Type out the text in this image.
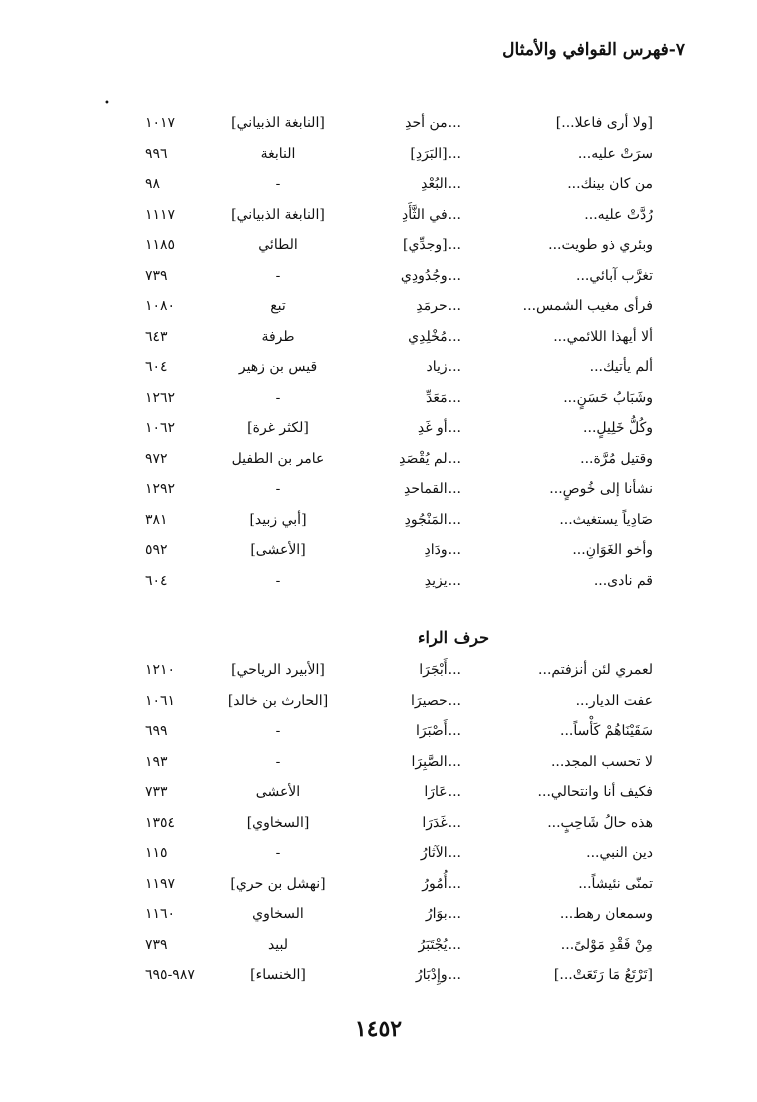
٧-فهرس القوافي والأمثال
•
[ولا أرى فاعلا...]
...من أحدِ
[النابغة الذبياني]
١٠١٧
سرَتْ عليه...
...[البَرَدِ]
النابغة
٩٩٦
من كان بينك...
...البُعْدِ
-
٩٨
رُدَّتْ عليه...
...في الثَّأَدِ
[النابغة الذبياني]
١١١٧
وبئري ذو طويت...
...[وجدِّي]
الطائي
١١٨٥
تغرَّب آبائي...
...وجُدُودِي
-
٧٣٩
فرأى مغيب الشمس...
...حرمَدِ
تبع
١٠٨٠
ألا أيهذا اللائمي...
...مُخْلِدِي
طرفة
٦٤٣
ألم يأتيك...
...زياد
قيس بن زهير
٦٠٤
وشَبَابُ حَسَنٍ...
...مَعَدِّ
-
١٢٦٢
وكُلُّ خَلِيلٍ...
...أو غَدِ
[لكثر غرة]
١٠٦٢
وقتيل مُرَّة...
...لم يُقْصَدِ
عامر بن الطفيل
٩٧٢
نشأنا إلى خُوصٍ...
...القماحدِ
-
١٢٩٢
صَادِياً يستغيث...
...المَنْجُودِ
[أبي زبيد]
٣٨١
وأخو الغَوَانِ...
...ودَادِ
[الأعشى]
٥٩٢
قم نادى...
...يزيدِ
-
٦٠٤
حرف الراء
لعمري لئن أنزفتم...
...أَبْجَرَا
[الأبيرد الرياحي]
١٢١٠
عفت الديار...
...حصيرَا
[الحارث بن خالد]
١٠٦١
سَقَيْنَاهُمْ كَأْساً...
...أَصْبَرَا
-
٦٩٩
لا تحسب المجد...
...الصَّبِرَا
-
١٩٣
فكيف أنا وانتحالي...
...عَارَا
الأعشى
٧٣٣
هذه حالُ شَاحِبٍ...
...غَدَرَا
[السخاوي]
١٣٥٤
دين النبي...
...الآثارُ
-
١١٥
تمنّى نئيشاً...
...أُمُورُ
[نهشل بن حري]
١١٩٧
وسمعان رهط...
...بوَارُ
السخاوي
١١٦٠
مِنْ فَقْدِ مَوْلىً...
...يُجْتَبَرُ
لبيد
٧٣٩
[تَرْتَعُ مَا رَتَعَتْ...]
...وإِدْبَارُ
[الخنساء]
٩٨٧-٦٩٥
١٤٥٢
